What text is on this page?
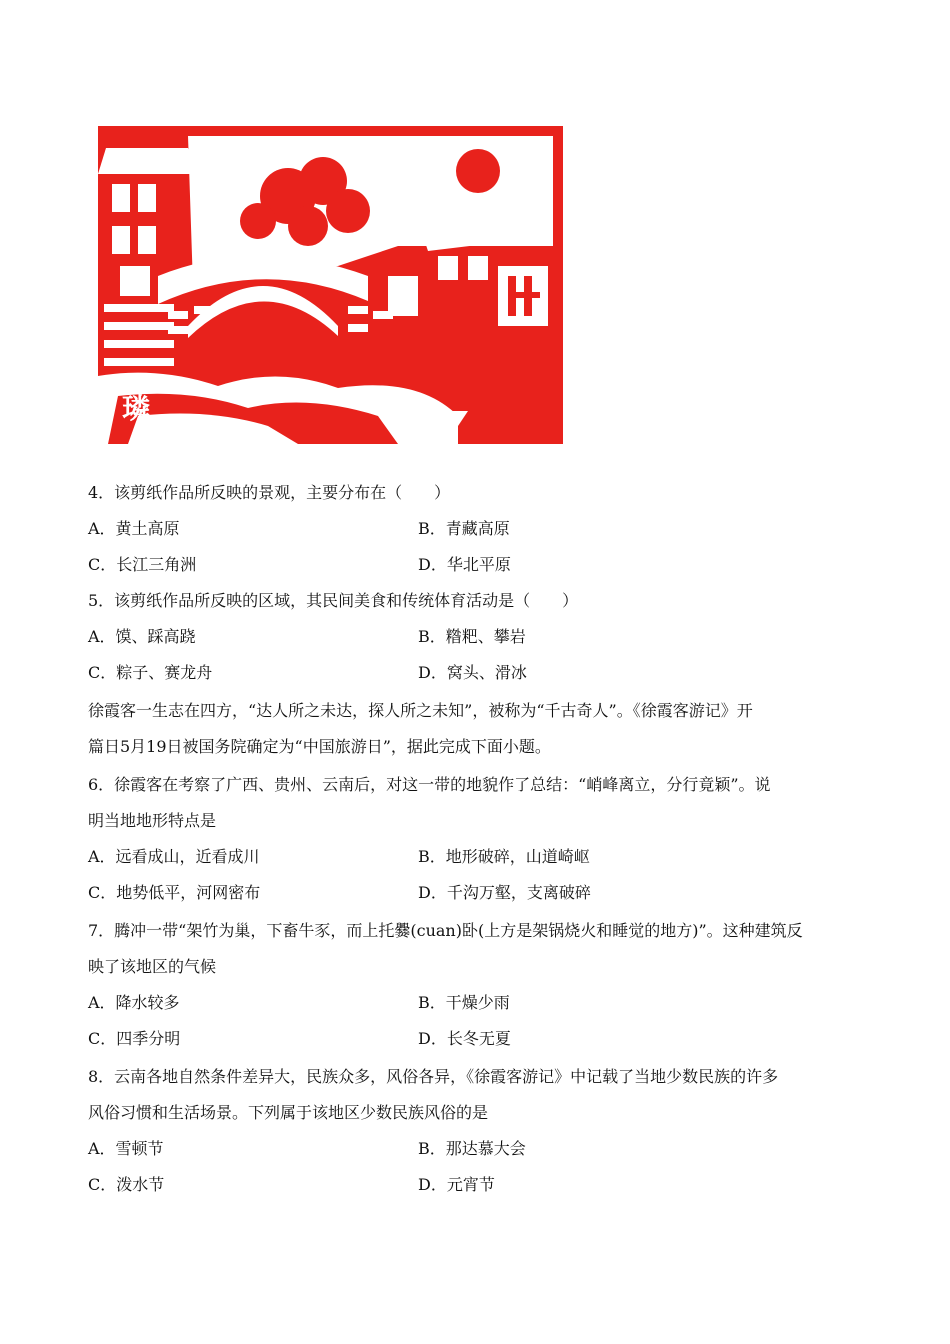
璘
4．该剪纸作品所反映的景观，主要分布在（　　）
A．黄土高原	B．青藏高原
C．长江三角洲	D．华北平原
5．该剪纸作品所反映的区域，其民间美食和传统体育活动是（　　）
A．馍、踩高跷	B．糌粑、攀岩
C．粽子、赛龙舟	D．窝头、滑冰
徐霞客一生志在四方，“达人所之未达，探人所之未知”，被称为“千古奇人”。《徐霞客游记》开
篇日5月19日被国务院确定为“中国旅游日”，据此完成下面小题。
6．徐霞客在考察了广西、贵州、云南后，对这一带的地貌作了总结：“峭峰离立，分行竟颖”。说
明当地地形特点是
A．远看成山，近看成川	B．地形破碎，山道崎岖
C．地势低平，河网密布	D．千沟万壑，支离破碎
7．腾冲一带“架竹为巢，下畜牛豕，而上托爨(cuan)卧(上方是架锅烧火和睡觉的地方)”。这种建筑反
映了该地区的气候
A．降水较多	B．干燥少雨
C．四季分明	D．长冬无夏
8．云南各地自然条件差异大，民族众多，风俗各异，《徐霞客游记》中记载了当地少数民族的许多
风俗习惯和生活场景。下列属于该地区少数民族风俗的是
A．雪顿节	B．那达慕大会
C．泼水节	D．元宵节
